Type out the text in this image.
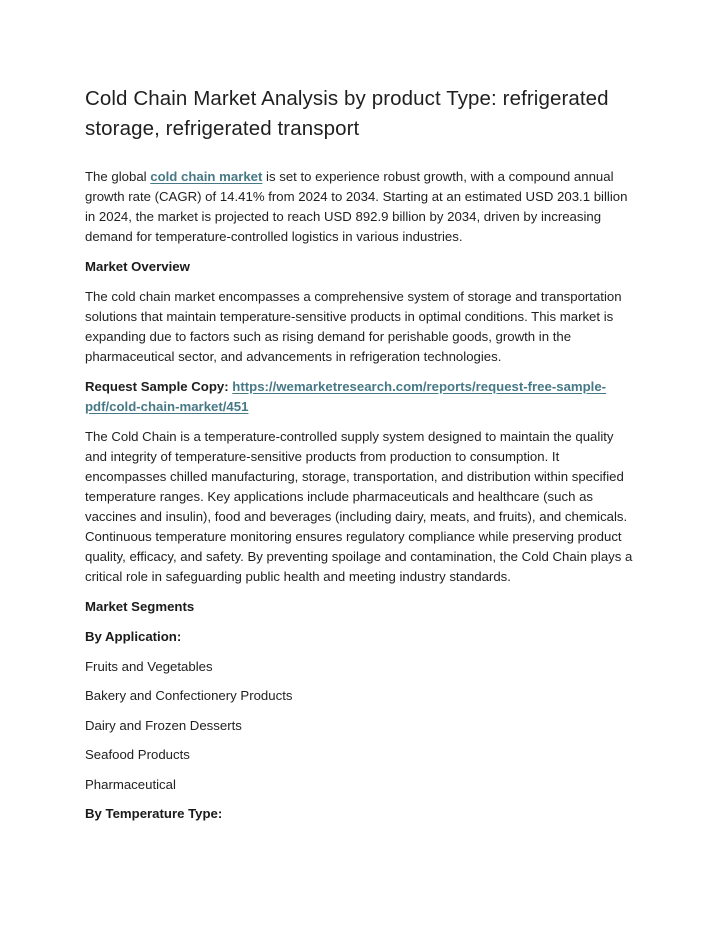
Cold Chain Market Analysis by product Type: refrigerated storage, refrigerated transport

The global cold chain market is set to experience robust growth, with a compound annual growth rate (CAGR) of 14.41% from 2024 to 2034. Starting at an estimated USD 203.1 billion in 2024, the market is projected to reach USD 892.9 billion by 2034, driven by increasing demand for temperature-controlled logistics in various industries.

Market Overview

The cold chain market encompasses a comprehensive system of storage and transportation solutions that maintain temperature-sensitive products in optimal conditions. This market is expanding due to factors such as rising demand for perishable goods, growth in the pharmaceutical sector, and advancements in refrigeration technologies.

Request Sample Copy: https://wemarketresearch.com/reports/request-free-sample-pdf/cold-chain-market/451

The Cold Chain is a temperature-controlled supply system designed to maintain the quality and integrity of temperature-sensitive products from production to consumption. It encompasses chilled manufacturing, storage, transportation, and distribution within specified temperature ranges. Key applications include pharmaceuticals and healthcare (such as vaccines and insulin), food and beverages (including dairy, meats, and fruits), and chemicals. Continuous temperature monitoring ensures regulatory compliance while preserving product quality, efficacy, and safety. By preventing spoilage and contamination, the Cold Chain plays a critical role in safeguarding public health and meeting industry standards.

Market Segments

By Application:

Fruits and Vegetables

Bakery and Confectionery Products

Dairy and Frozen Desserts

Seafood Products

Pharmaceutical

By Temperature Type:
